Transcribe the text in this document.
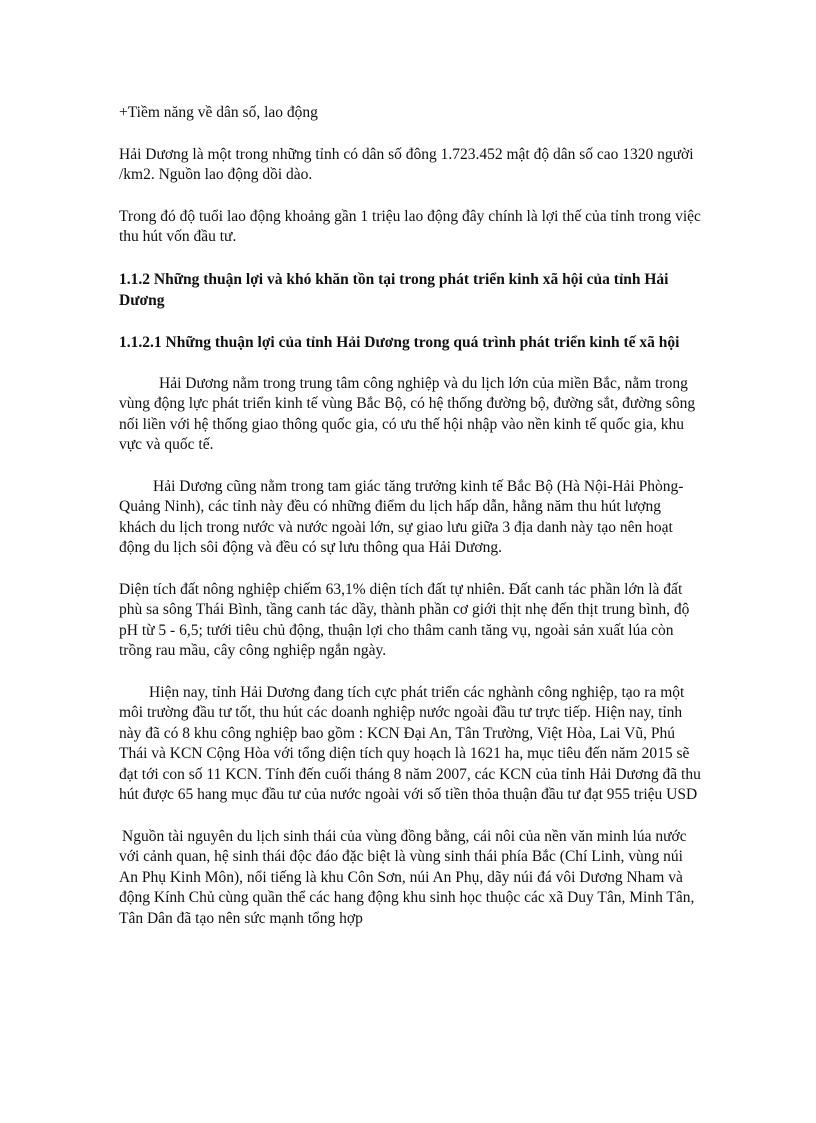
+Tiềm năng về dân số, lao động

Hải Dương là một trong những tỉnh có dân số đông 1.723.452 mật độ dân số cao 1320 người /km2. Nguồn lao động dồi dào.

Trong đó độ tuổi lao động khoảng gần 1 triệu lao động đây chính là lợi thế của tỉnh trong việc thu hút vốn đầu tư.

1.1.2 Những thuận lợi và khó khăn tồn tại trong phát triển kinh xã hội của tỉnh Hải Dương

1.1.2.1 Những thuận lợi của tỉnh Hải Dương trong quá trình phát triển kinh tế xã hội

Hải Dương nằm trong trung tâm công nghiệp và du lịch lớn của miền Bắc, nằm trong vùng động lực phát triển kinh tế vùng Bắc Bộ, có hệ thống đường bộ, đường sắt, đường sông nối liền với hệ thống giao thông quốc gia, có ưu thế hội nhập vào nền kinh tế quốc gia, khu vực và quốc tế.

Hải Dương cũng nằm trong tam giác tăng trưởng kinh tế Bắc Bộ (Hà Nội-Hải Phòng-Quảng Ninh), các tỉnh này đều có những điểm du lịch hấp dẫn, hằng năm thu hút lượng khách du lịch trong nước và nước ngoài lớn, sự giao lưu giữa 3 địa danh này tạo nên hoạt động du lịch sôi động và đều có sự lưu thông qua Hải Dương.

Diện tích đất nông nghiệp chiếm 63,1% diện tích đất tự nhiên. Đất canh tác phần lớn là đất phù sa sông Thái Bình, tầng canh tác dầy, thành phần cơ giới thịt nhẹ đến thịt trung bình, độ pH từ 5 - 6,5; tưới tiêu chủ động, thuận lợi cho thâm canh tăng vụ, ngoài sản xuất lúa còn trồng rau mầu, cây công nghiệp ngắn ngày.

Hiện nay, tỉnh Hải Dương đang tích cực phát triển các nghành công nghiệp, tạo ra một môi trường đầu tư tốt, thu hút các doanh nghiệp nước ngoài đầu tư trực tiếp. Hiện nay, tỉnh này đã có 8 khu công nghiệp bao gồm : KCN Đại An, Tân Trường, Việt Hòa, Lai Vũ, Phú Thái và KCN Cộng Hòa với tổng diện tích quy hoạch là 1621 ha, mục tiêu đến năm 2015 sẽ đạt tới con số 11 KCN. Tính đến cuối tháng 8 năm 2007, các KCN của tỉnh Hải Dương đã thu hút được 65 hang mục đầu tư của nước ngoài với số tiền thỏa thuận đầu tư đạt 955 triệu USD

Nguồn tài nguyên du lịch sinh thái của vùng đồng bằng, cái nôi của nền văn minh lúa nước với cảnh quan, hệ sinh thái độc đáo đặc biệt là vùng sinh thái phía Bắc (Chí Linh, vùng núi An Phụ Kinh Môn), nổi tiếng là khu Côn Sơn, núi An Phụ, dãy núi đá vôi Dương Nham và động Kính Chủ cùng quần thể các hang động khu sinh học thuộc các xã Duy Tân, Minh Tân, Tân Dân đã tạo nên sức mạnh tổng hợp
